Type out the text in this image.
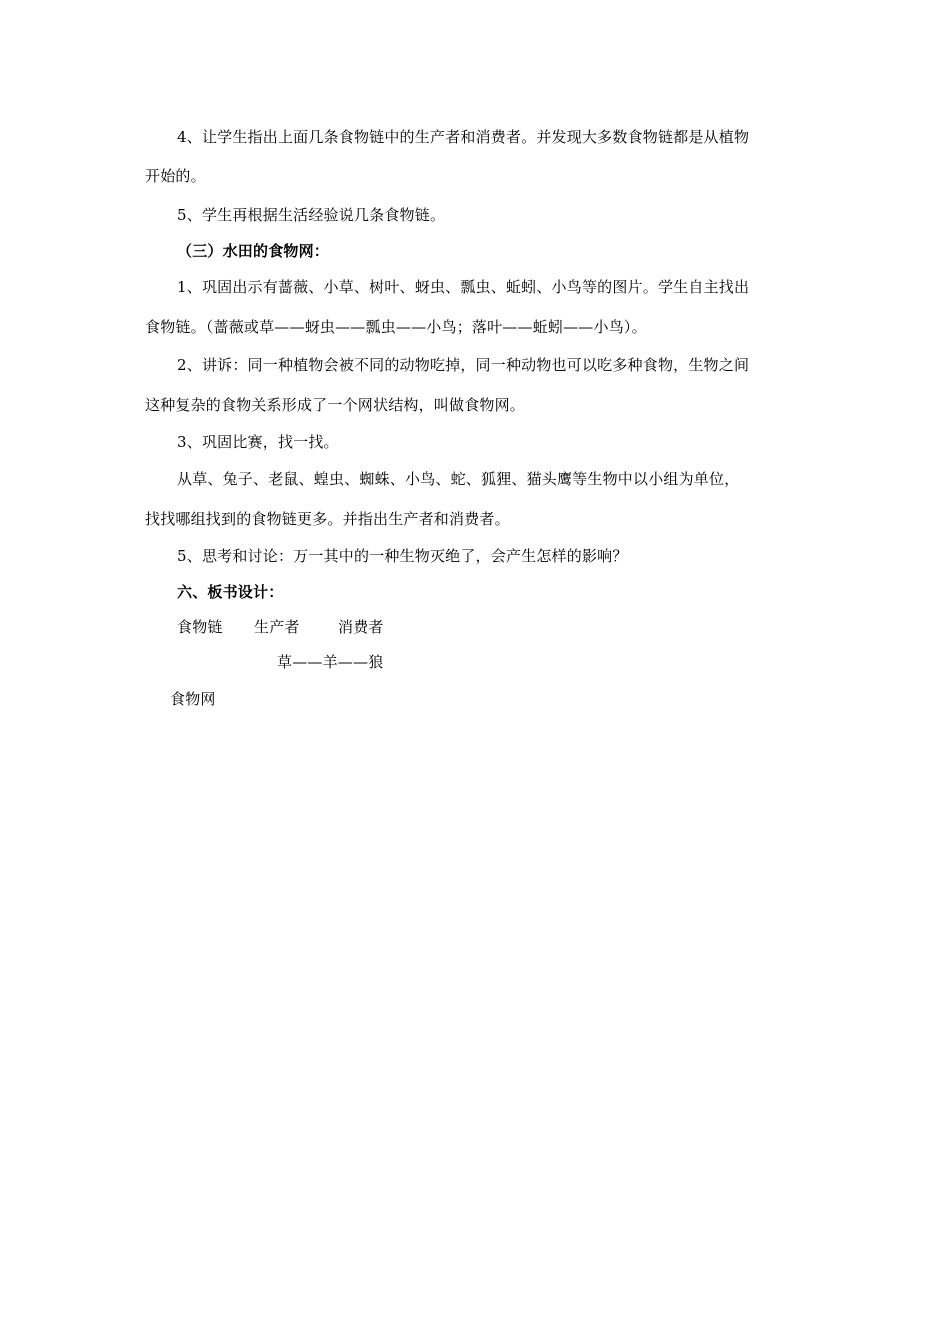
4、让学生指出上面几条食物链中的生产者和消费者。并发现大多数食物链都是从植物
开始的。
5、学生再根据生活经验说几条食物链。
（三）水田的食物网：
1、巩固出示有蔷薇、小草、树叶、蚜虫、瓢虫、蚯蚓、小鸟等的图片。学生自主找出
食物链。（蔷薇或草——蚜虫——瓢虫——小鸟；落叶——蚯蚓——小鸟）。
2、讲诉：同一种植物会被不同的动物吃掉，同一种动物也可以吃多种食物，生物之间
这种复杂的食物关系形成了一个网状结构，叫做食物网。
3、巩固比赛，找一找。
从草、兔子、老鼠、蝗虫、蜘蛛、小鸟、蛇、狐狸、猫头鹰等生物中以小组为单位，
找找哪组找到的食物链更多。并指出生产者和消费者。
5、思考和讨论：万一其中的一种生物灭绝了，会产生怎样的影响？
六、板书设计：
食物链 生产者	消费者
草——羊——狼
食物网
